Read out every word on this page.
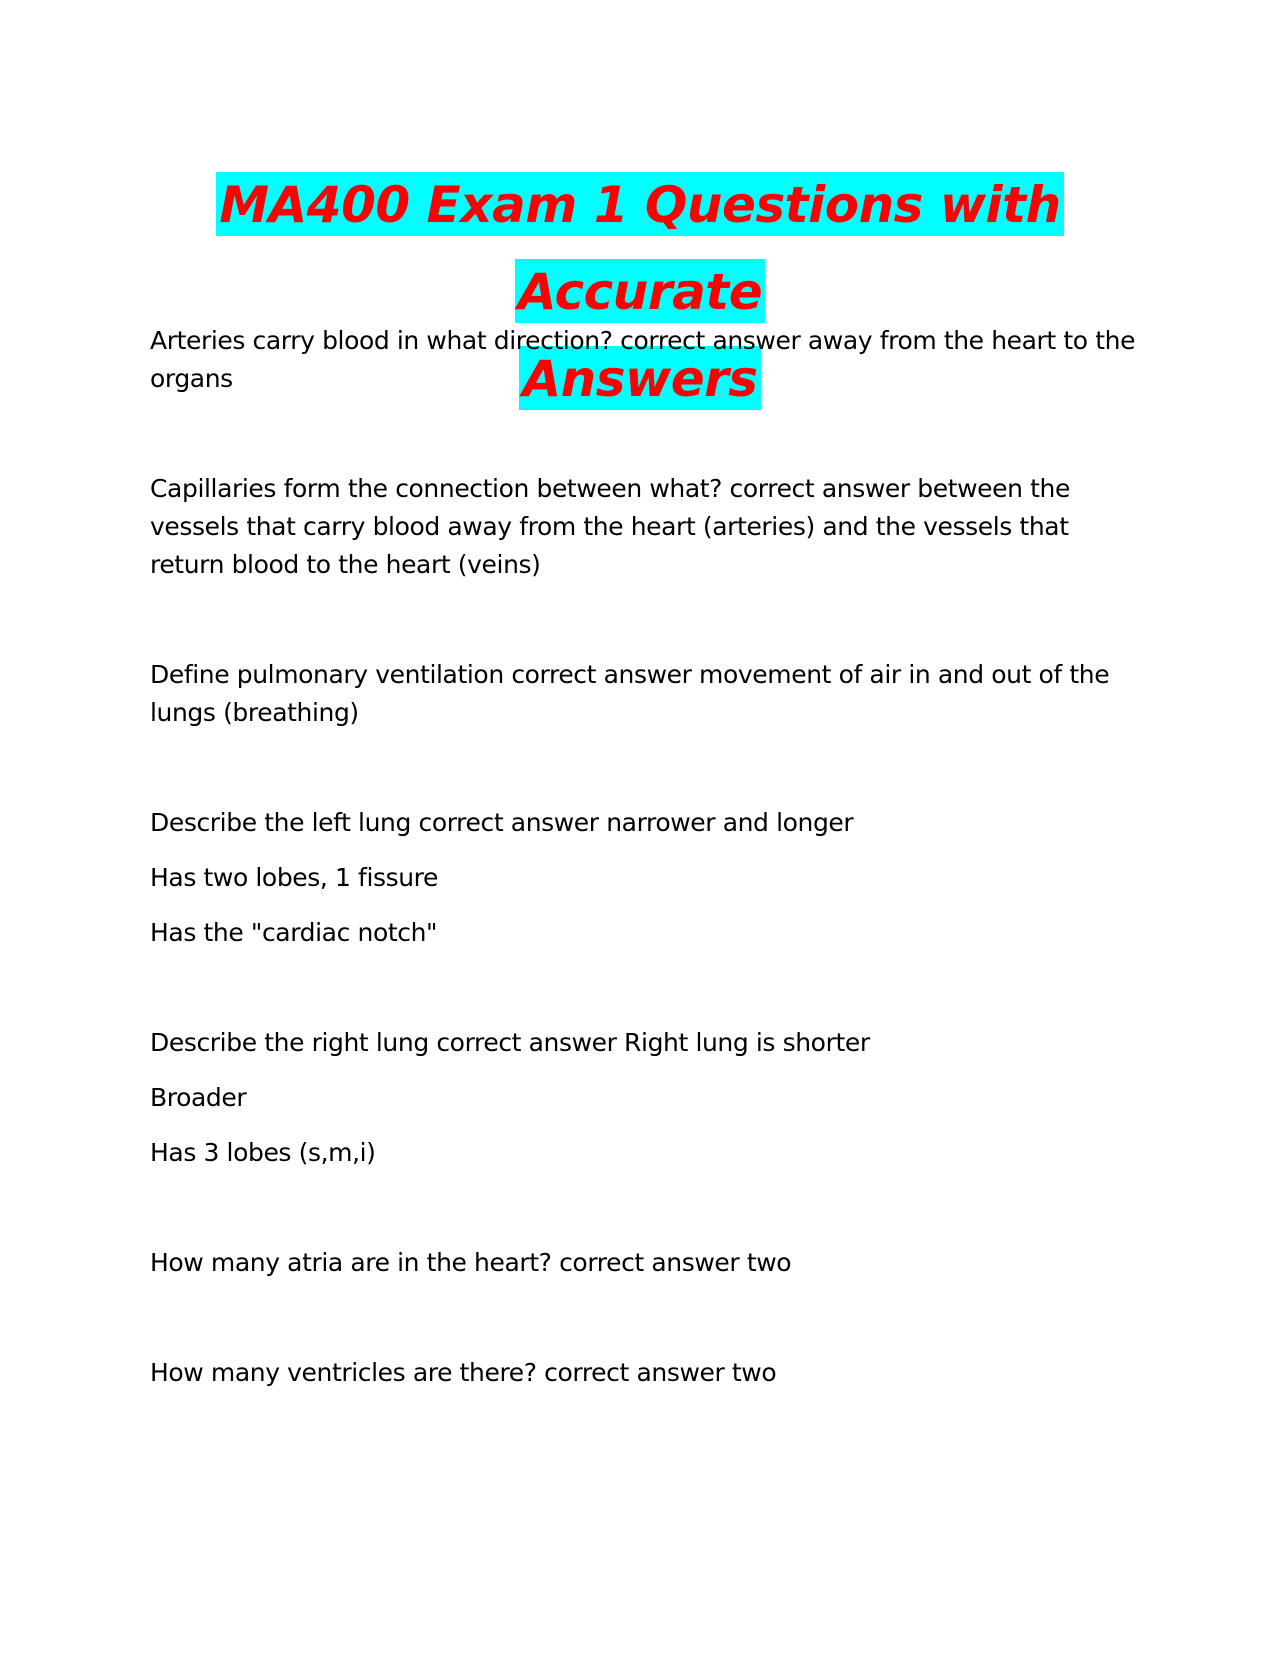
MA400 Exam 1 Questions with Accurate
Answers

Arteries carry blood in what direction? correct answer away from the heart to the organs

Capillaries form the connection between what? correct answer between the vessels that carry blood away from the heart (arteries) and the vessels that return blood to the heart (veins)

Define pulmonary ventilation correct answer movement of air in and out of the lungs (breathing)

Describe the left lung correct answer narrower and longer

Has two lobes, 1 fissure

Has the "cardiac notch"

Describe the right lung correct answer Right lung is shorter

Broader

Has 3 lobes (s,m,i)

How many atria are in the heart? correct answer two

How many ventricles are there? correct answer two
